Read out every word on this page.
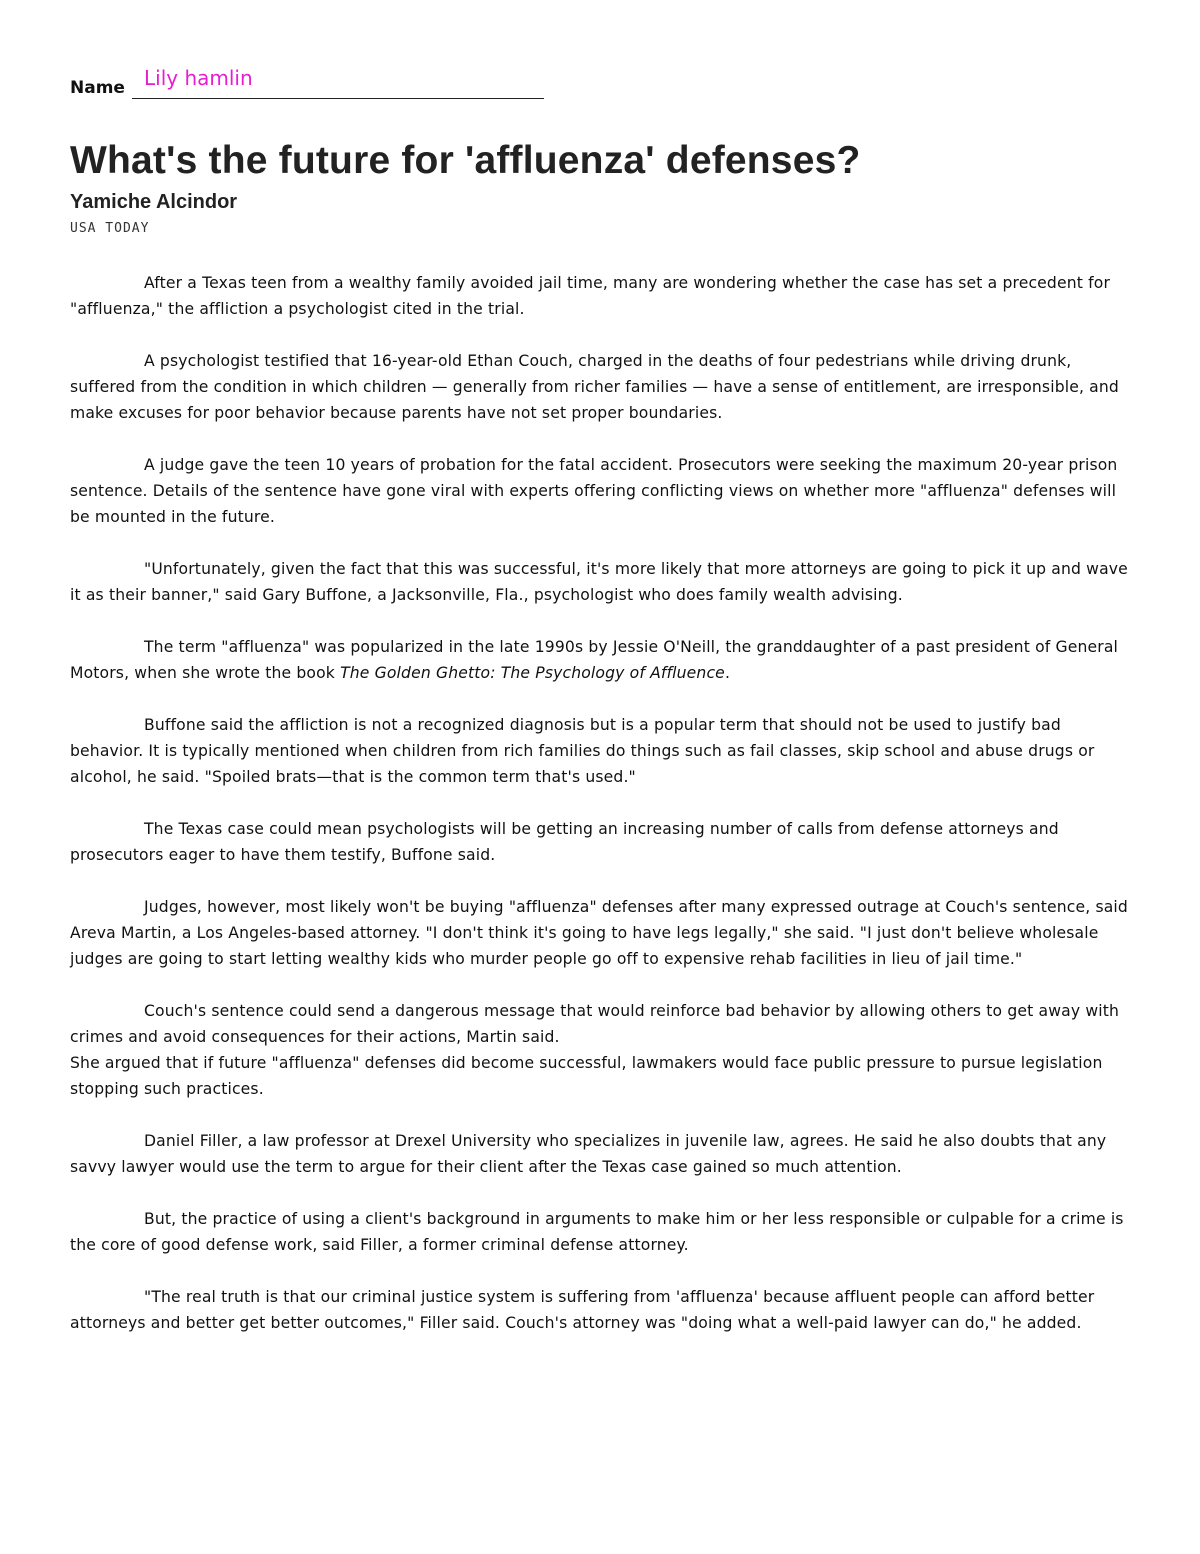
Name Lily hamlin
What's the future for 'affluenza' defenses?
Yamiche Alcindor
USA TODAY

After a Texas teen from a wealthy family avoided jail time, many are wondering whether the case has set a precedent for "affluenza," the affliction a psychologist cited in the trial.

A psychologist testified that 16-year-old Ethan Couch, charged in the deaths of four pedestrians while driving drunk, suffered from the condition in which children — generally from richer families — have a sense of entitlement, are irresponsible, and make excuses for poor behavior because parents have not set proper boundaries.

A judge gave the teen 10 years of probation for the fatal accident. Prosecutors were seeking the maximum 20-year prison sentence. Details of the sentence have gone viral with experts offering conflicting views on whether more "affluenza" defenses will be mounted in the future.

"Unfortunately, given the fact that this was successful, it's more likely that more attorneys are going to pick it up and wave it as their banner," said Gary Buffone, a Jacksonville, Fla., psychologist who does family wealth advising.

The term "affluenza" was popularized in the late 1990s by Jessie O'Neill, the granddaughter of a past president of General Motors, when she wrote the book The Golden Ghetto: The Psychology of Affluence.

Buffone said the affliction is not a recognized diagnosis but is a popular term that should not be used to justify bad behavior. It is typically mentioned when children from rich families do things such as fail classes, skip school and abuse drugs or alcohol, he said. "Spoiled brats—that is the common term that's used."

The Texas case could mean psychologists will be getting an increasing number of calls from defense attorneys and prosecutors eager to have them testify, Buffone said.

Judges, however, most likely won't be buying "affluenza" defenses after many expressed outrage at Couch's sentence, said Areva Martin, a Los Angeles-based attorney. "I don't think it's going to have legs legally," she said. "I just don't believe wholesale judges are going to start letting wealthy kids who murder people go off to expensive rehab facilities in lieu of jail time."

Couch's sentence could send a dangerous message that would reinforce bad behavior by allowing others to get away with crimes and avoid consequences for their actions, Martin said.

She argued that if future "affluenza" defenses did become successful, lawmakers would face public pressure to pursue legislation stopping such practices.

Daniel Filler, a law professor at Drexel University who specializes in juvenile law, agrees. He said he also doubts that any savvy lawyer would use the term to argue for their client after the Texas case gained so much attention.

But, the practice of using a client's background in arguments to make him or her less responsible or culpable for a crime is the core of good defense work, said Filler, a former criminal defense attorney.

"The real truth is that our criminal justice system is suffering from 'affluenza' because affluent people can afford better attorneys and better get better outcomes," Filler said. Couch's attorney was "doing what a well-paid lawyer can do," he added.
